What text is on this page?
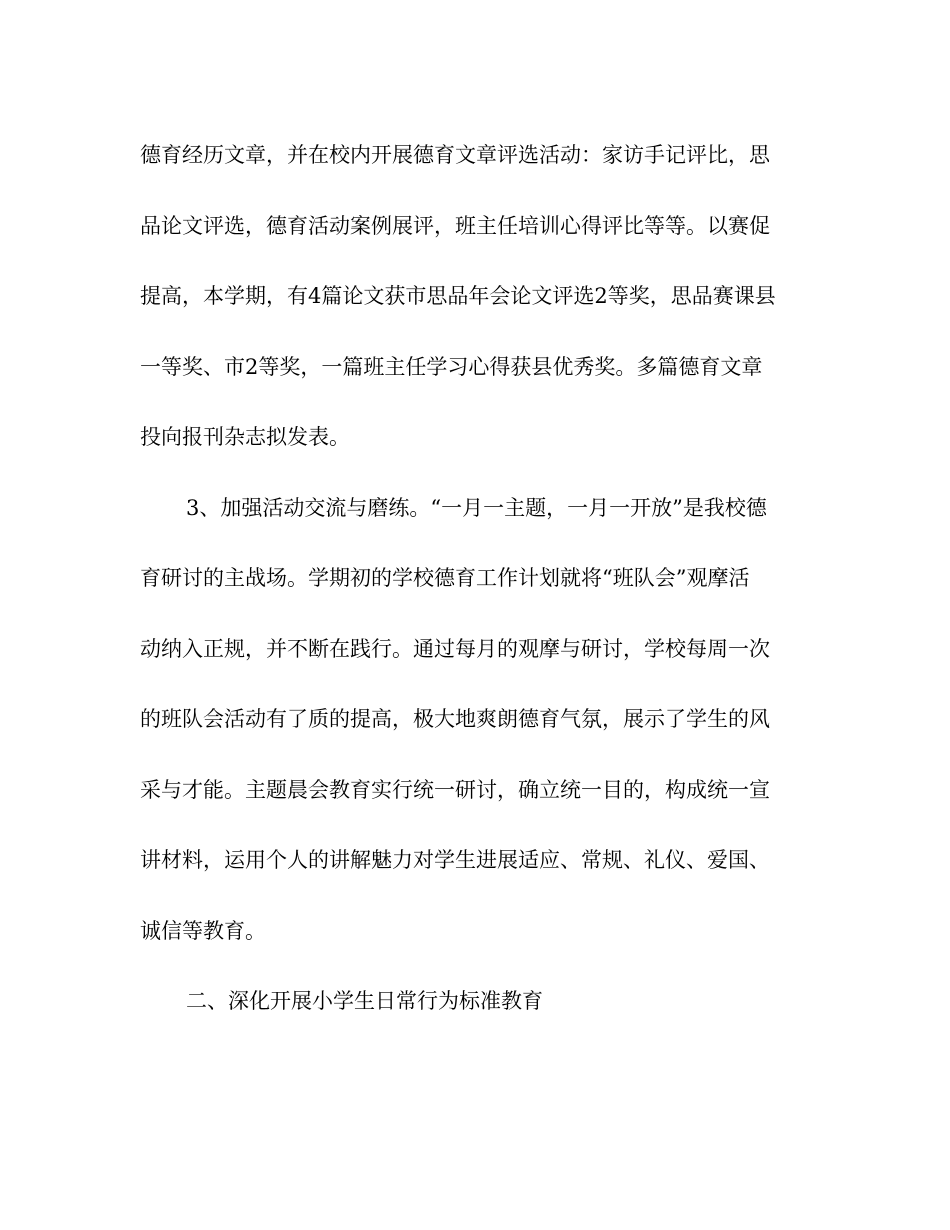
德育经历文章，并在校内开展德育文章评选活动：家访手记评比，思
品论文评选，德育活动案例展评，班主任培训心得评比等等。以赛促
提高，本学期，有4篇论文获市思品年会论文评选2等奖，思品赛课县
一等奖、市2等奖，一篇班主任学习心得获县优秀奖。多篇德育文章
投向报刊杂志拟发表。
3、加强活动交流与磨练。“一月一主题，一月一开放”是我校德
育研讨的主战场。学期初的学校德育工作计划就将“班队会”观摩活
动纳入正规，并不断在践行。通过每月的观摩与研讨，学校每周一次
的班队会活动有了质的提高，极大地爽朗德育气氛，展示了学生的风
采与才能。主题晨会教育实行统一研讨，确立统一目的，构成统一宣
讲材料，运用个人的讲解魅力对学生进展适应、常规、礼仪、爱国、
诚信等教育。
二、深化开展小学生日常行为标准教育
